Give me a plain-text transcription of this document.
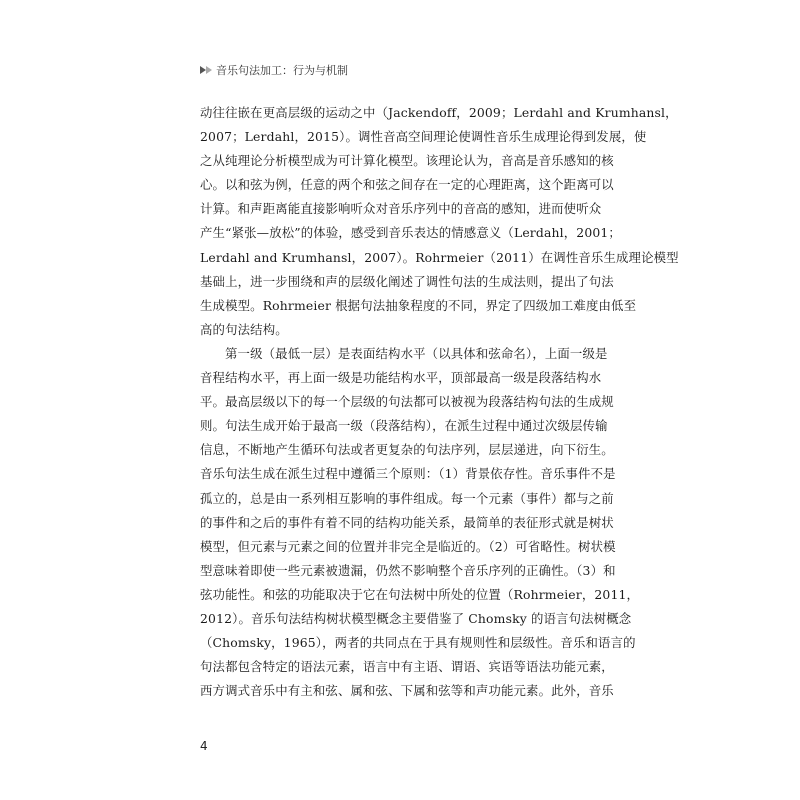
音乐句法加工：行为与机制
动往往嵌在更高层级的运动之中（Jackendoff，2009；Lerdahl and Krumhansl，
2007；Lerdahl，2015）。调性音高空间理论使调性音乐生成理论得到发展，使
之从纯理论分析模型成为可计算化模型。该理论认为，音高是音乐感知的核
心。以和弦为例，任意的两个和弦之间存在一定的心理距离，这个距离可以
计算。和声距离能直接影响听众对音乐序列中的音高的感知，进而使听众
产生“紧张—放松”的体验，感受到音乐表达的情感意义（Lerdahl，2001；
Lerdahl and Krumhansl，2007）。Rohrmeier（2011）在调性音乐生成理论模型
基础上，进一步围绕和声的层级化阐述了调性句法的生成法则，提出了句法
生成模型。Rohrmeier 根据句法抽象程度的不同，界定了四级加工难度由低至
高的句法结构。
第一级（最低一层）是表面结构水平（以具体和弦命名），上面一级是
音程结构水平，再上面一级是功能结构水平，顶部最高一级是段落结构水
平。最高层级以下的每一个层级的句法都可以被视为段落结构句法的生成规
则。句法生成开始于最高一级（段落结构），在派生过程中通过次级层传输
信息，不断地产生循环句法或者更复杂的句法序列，层层递进，向下衍生。
音乐句法生成在派生过程中遵循三个原则：（1）背景依存性。音乐事件不是
孤立的，总是由一系列相互影响的事件组成。每一个元素（事件）都与之前
的事件和之后的事件有着不同的结构功能关系，最简单的表征形式就是树状
模型，但元素与元素之间的位置并非完全是临近的。（2）可省略性。树状模
型意味着即使一些元素被遗漏，仍然不影响整个音乐序列的正确性。（3）和
弦功能性。和弦的功能取决于它在句法树中所处的位置（Rohrmeier，2011，
2012）。音乐句法结构树状模型概念主要借鉴了 Chomsky 的语言句法树概念
（Chomsky，1965），两者的共同点在于具有规则性和层级性。音乐和语言的
句法都包含特定的语法元素，语言中有主语、谓语、宾语等语法功能元素，
西方调式音乐中有主和弦、属和弦、下属和弦等和声功能元素。此外，音乐
4
